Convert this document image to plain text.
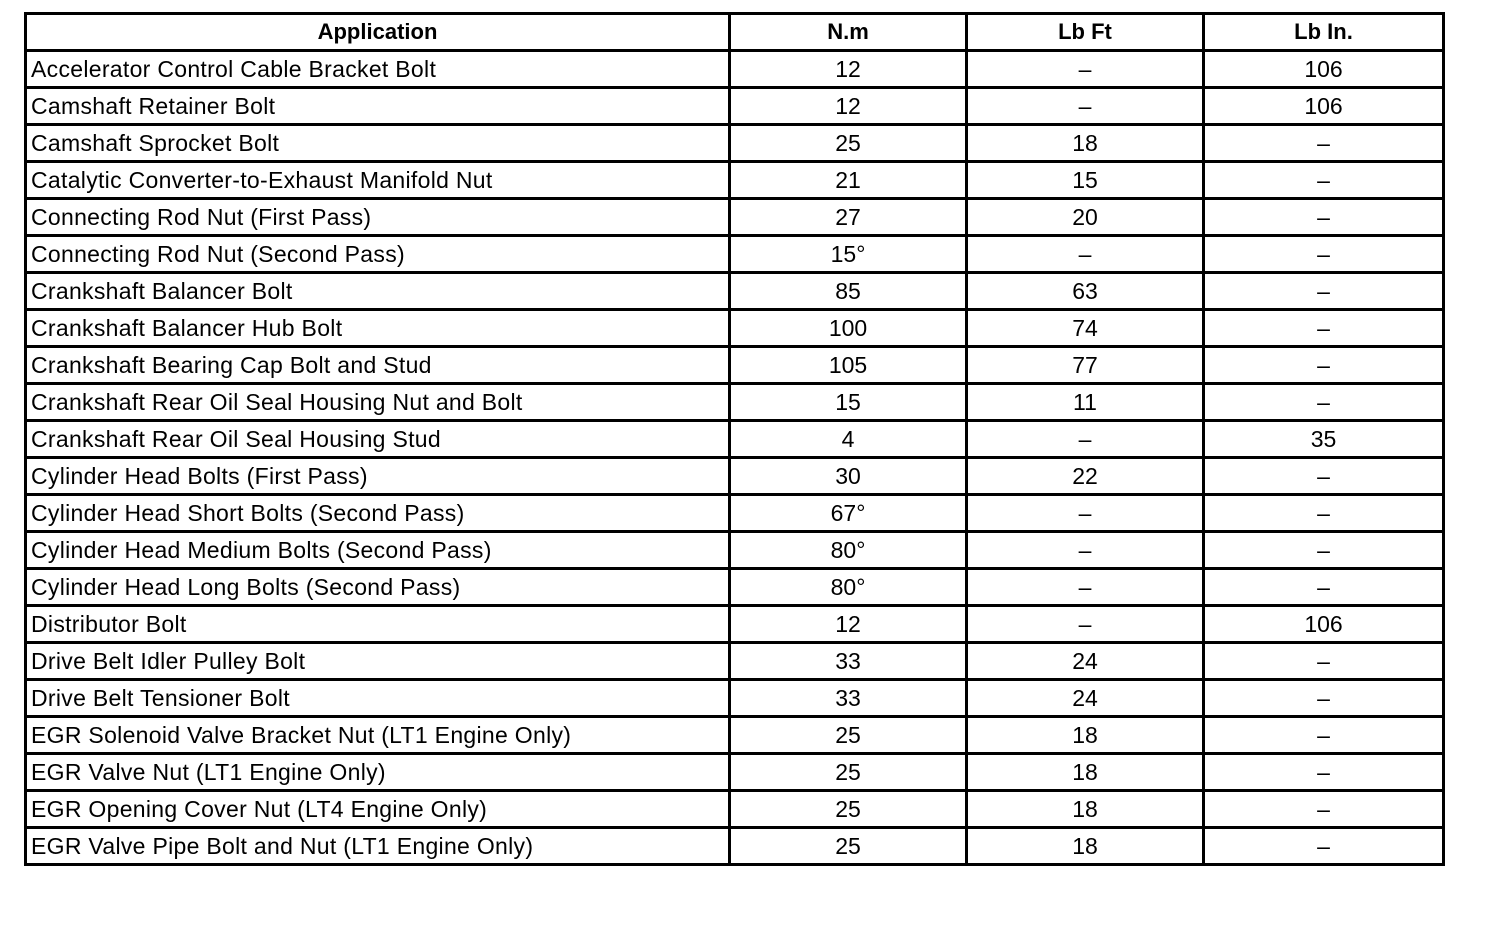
Application	N.m	Lb Ft	Lb In.
Accelerator Control Cable Bracket Bolt	12	–	106
Camshaft Retainer Bolt	12	–	106
Camshaft Sprocket Bolt	25	18	–
Catalytic Converter-to-Exhaust Manifold Nut	21	15	–
Connecting Rod Nut (First Pass)	27	20	–
Connecting Rod Nut (Second Pass)	15°	–	–
Crankshaft Balancer Bolt	85	63	–
Crankshaft Balancer Hub Bolt	100	74	–
Crankshaft Bearing Cap Bolt and Stud	105	77	–
Crankshaft Rear Oil Seal Housing Nut and Bolt	15	11	–
Crankshaft Rear Oil Seal Housing Stud	4	–	35
Cylinder Head Bolts (First Pass)	30	22	–
Cylinder Head Short Bolts (Second Pass)	67°	–	–
Cylinder Head Medium Bolts (Second Pass)	80°	–	–
Cylinder Head Long Bolts (Second Pass)	80°	–	–
Distributor Bolt	12	–	106
Drive Belt Idler Pulley Bolt	33	24	–
Drive Belt Tensioner Bolt	33	24	–
EGR Solenoid Valve Bracket Nut (LT1 Engine Only)	25	18	–
EGR Valve Nut (LT1 Engine Only)	25	18	–
EGR Opening Cover Nut (LT4 Engine Only)	25	18	–
EGR Valve Pipe Bolt and Nut (LT1 Engine Only)	25	18	–
